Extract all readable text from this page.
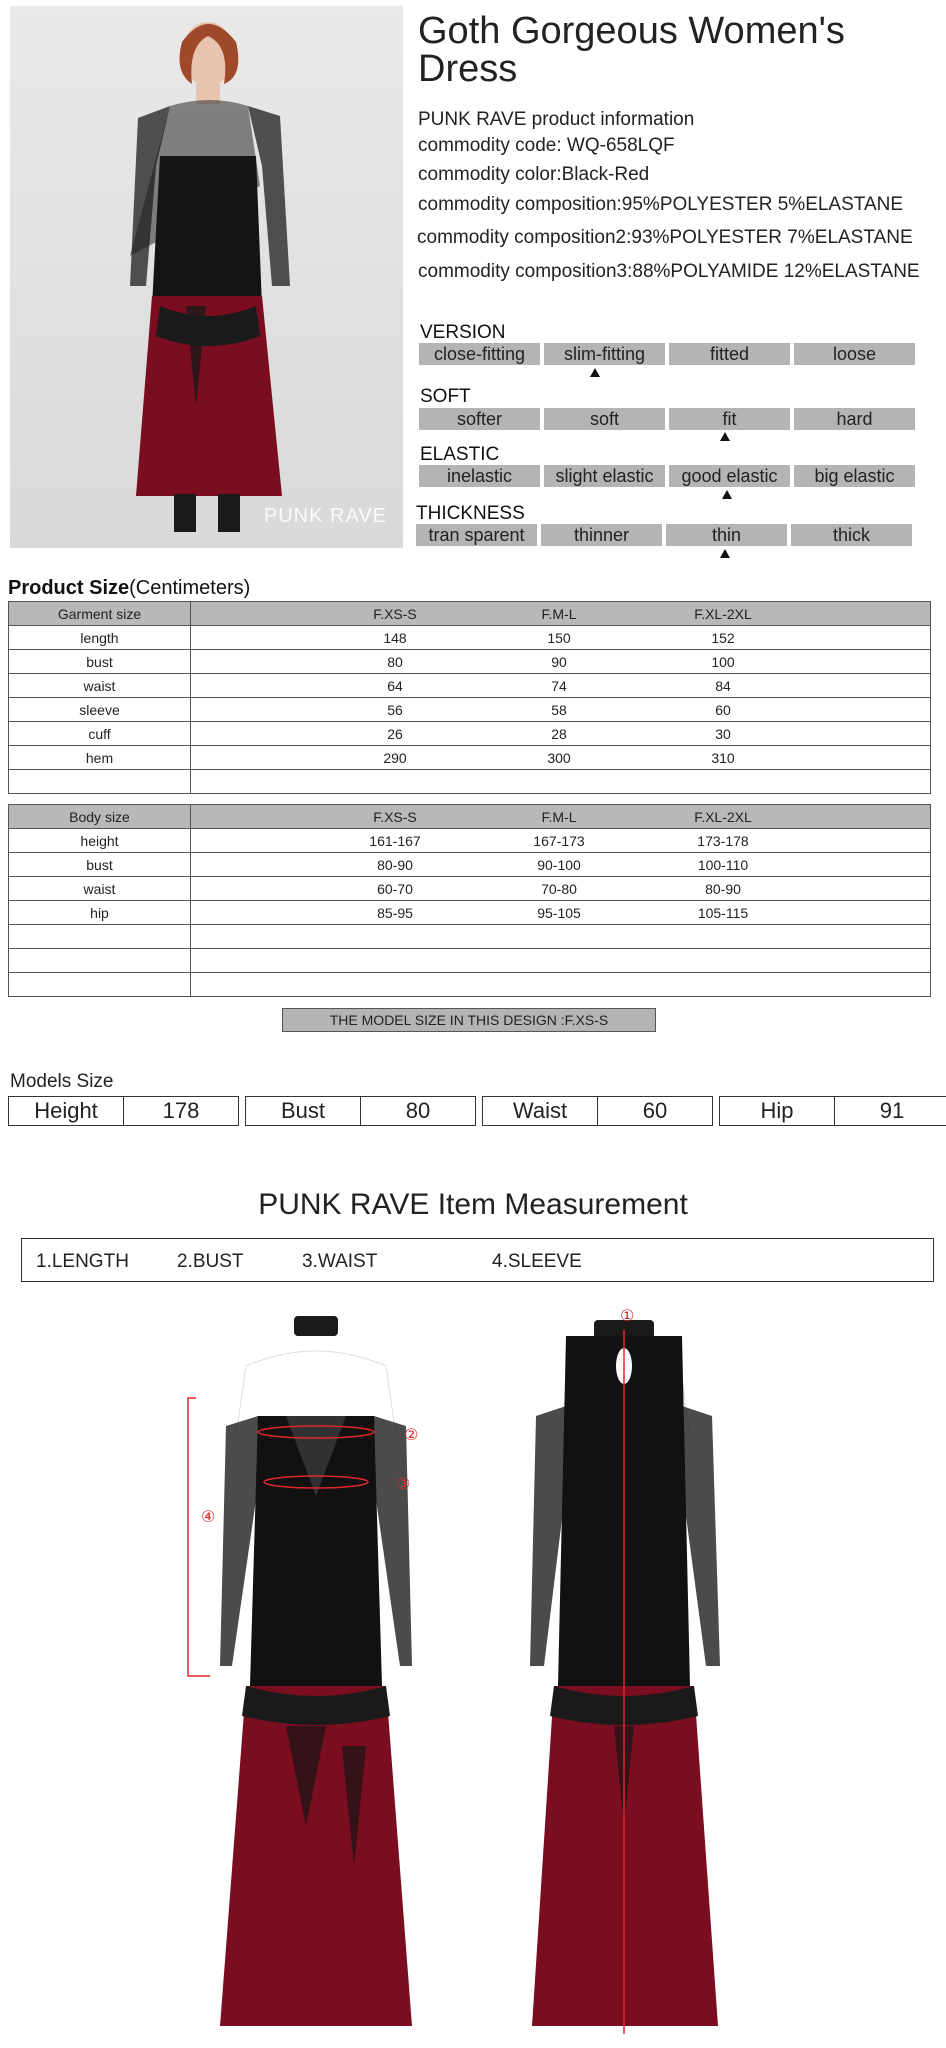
PUNK RAVE
Goth Gorgeous Women's Dress
PUNK RAVE product information
commodity code: WQ-658LQF
commodity color:Black-Red
commodity composition:95%POLYESTER 5%ELASTANE
commodity composition2:93%POLYESTER 7%ELASTANE
commodity composition3:88%POLYAMIDE 12%ELASTANE
VERSION
close-fitting	slim-fitting	fitted	loose
SOFT
softer	soft	fit	hard
ELASTIC
inelastic	slight elastic	good elastic	big elastic
THICKNESS
tran sparent	thinner	thin	thick
Product Size(Centimeters)
Garment size	F.XS-S F.M-L F.XL-2XL

length	148 150 152

bust	80 90 100

waist	64 74 84

sleeve	56 58 60

cuff	26 28 30

hem	290 300 310

Body size	F.XS-S F.M-L F.XL-2XL

height	161-167 167-173 173-178

bust	80-90 90-100 100-110

waist	60-70 70-80 80-90

hip	85-95 95-105 105-115

THE MODEL SIZE IN THIS DESIGN :F.XS-S
Models Size
Height	178	Bust	80	Waist	60	Hip	91
PUNK RAVE Item Measurement
1.LENGTH	2.BUST	3.WAIST	4.SLEEVE
②
③
④
①
